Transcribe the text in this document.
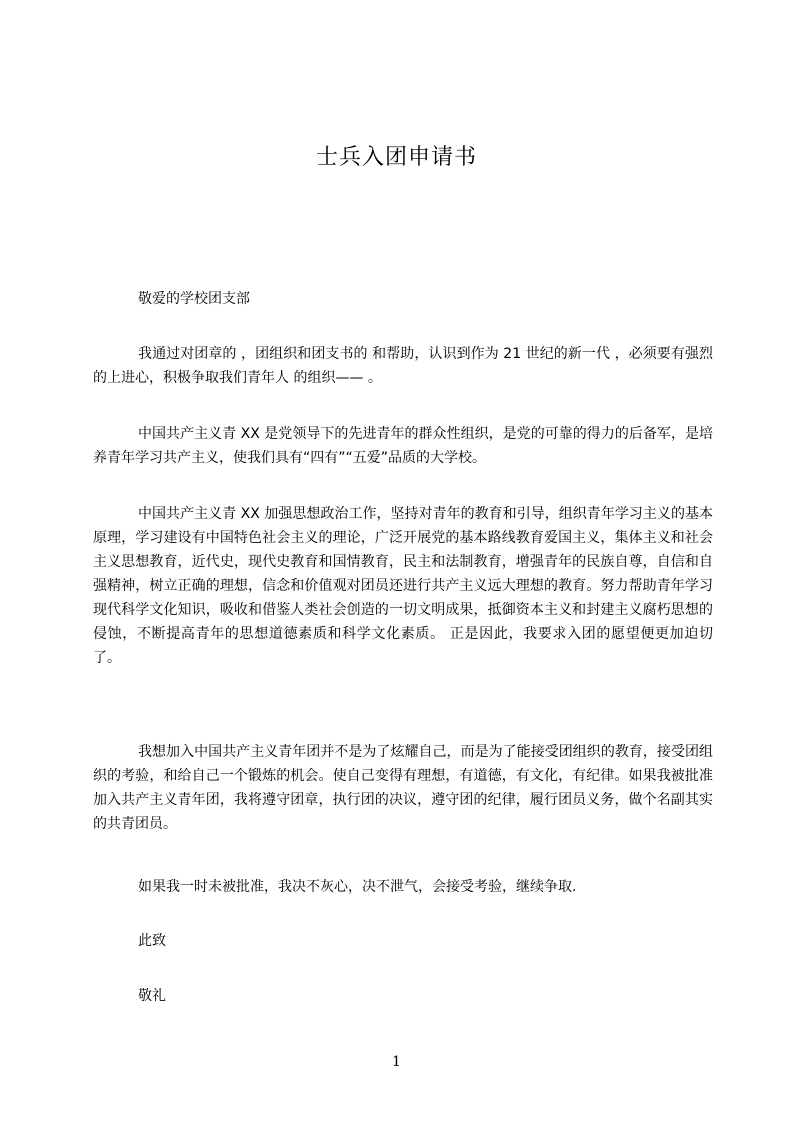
士兵入团申请书

敬爱的学校团支部

我通过对团章的 ，团组织和团支书的 和帮助，认识到作为 21 世纪的新一代 ，必须要有强烈的上进心，积极争取我们青年人 的组织—— 。

中国共产主义青 XX 是党领导下的先进青年的群众性组织，是党的可靠的得力的后备军，是培养青年学习共产主义，使我们具有“四有”“五爱”品质的大学校。

中国共产主义青 XX 加强思想政治工作，坚持对青年的教育和引导，组织青年学习主义的基本原理，学习建设有中国特色社会主义的理论，广泛开展党的基本路线教育爱国主义，集体主义和社会主义思想教育，近代史，现代史教育和国情教育，民主和法制教育，增强青年的民族自尊，自信和自强精神，树立正确的理想，信念和价值观对团员还进行共产主义远大理想的教育。努力帮助青年学习现代科学文化知识，吸收和借鉴人类社会创造的一切文明成果，抵御资本主义和封建主义腐朽思想的侵蚀，不断提高青年的思想道德素质和科学文化素质。 正是因此，我要求入团的愿望便更加迫切了。

我想加入中国共产主义青年团并不是为了炫耀自己，而是为了能接受团组织的教育，接受团组织的考验，和给自己一个锻炼的机会。使自己变得有理想，有道德，有文化，有纪律。如果我被批准加入共产主义青年团，我将遵守团章，执行团的决议，遵守团的纪律，履行团员义务，做个名副其实的共青团员。

如果我一时未被批准，我决不灰心，决不泄气，会接受考验，继续争取.

此致

敬礼

1
